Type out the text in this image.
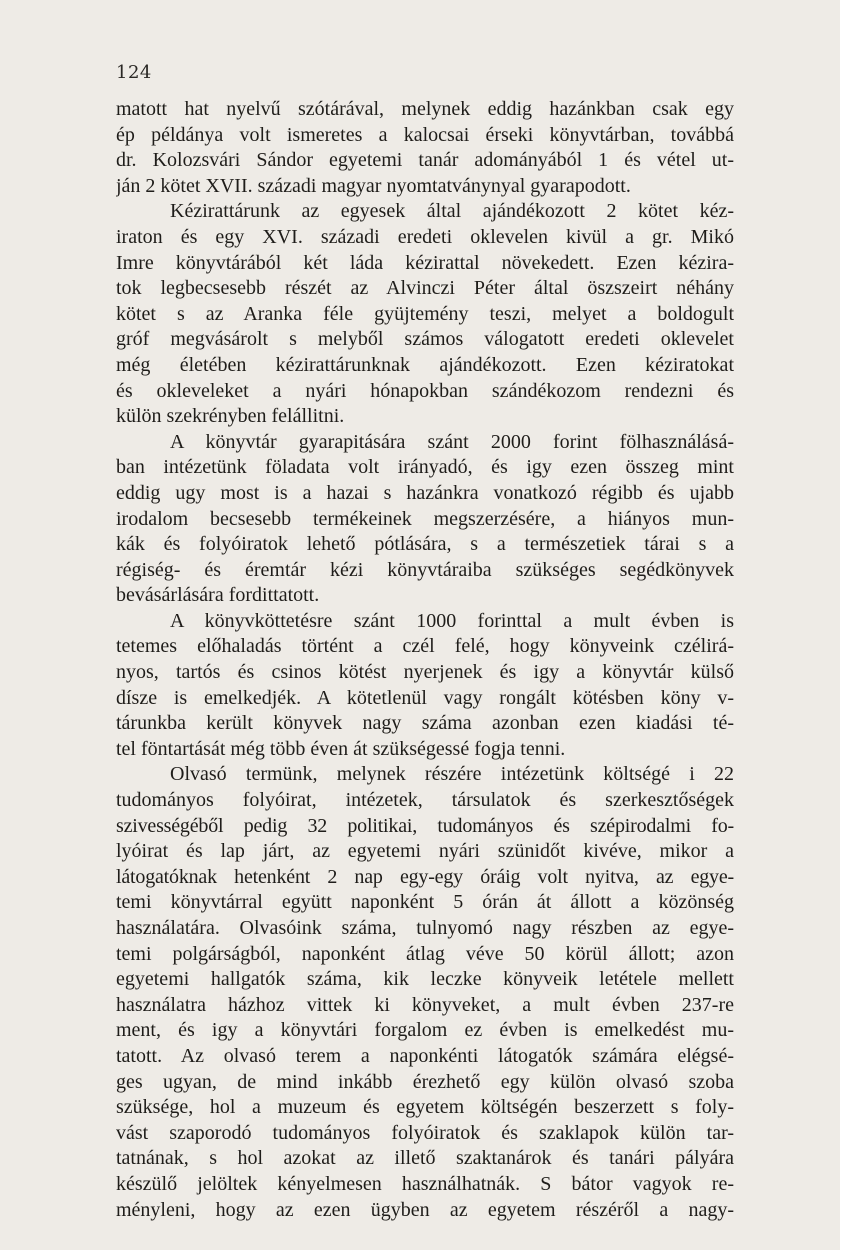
124
matott hat nyelvű szótárával, melynek eddig hazánkban csak egy
ép példánya volt ismeretes a kalocsai érseki könyvtárban, továbbá
dr. Kolozsvári Sándor egyetemi tanár adományából 1 és vétel ut-
ján 2 kötet XVII. századi magyar nyomtatványnyal gyarapodott.
Kézirattárunk az egyesek által ajándékozott 2 kötet kéz-
iraton és egy XVI. századi eredeti oklevelen kivül a gr. Mikó
Imre könyvtárából két láda kézirattal növekedett. Ezen kézira-
tok legbecsesebb részét az Alvinczi Péter által öszszeirt néhány
kötet s az Aranka féle gyüjtemény teszi, melyet a boldogult
gróf megvásárolt s melyből számos válogatott eredeti oklevelet
még életében kézirattárunknak ajándékozott. Ezen kéziratokat
és okleveleket a nyári hónapokban szándékozom rendezni és
külön szekrényben felállitni.
A könyvtár gyarapitására szánt 2000 forint fölhasználásá-
ban intézetünk föladata volt irányadó, és igy ezen összeg mint
eddig ugy most is a hazai s hazánkra vonatkozó régibb és ujabb
irodalom becsesebb termékeinek megszerzésére, a hiányos mun-
kák és folyóiratok lehető pótlására, s a természetiek tárai s a
régiség- és éremtár kézi könyvtáraiba szükséges segédkönyvek
bevásárlására fordittatott.
A könyvköttetésre szánt 1000 forinttal a mult évben is
tetemes előhaladás történt a czél felé, hogy könyveink czélirá-
nyos, tartós és csinos kötést nyerjenek és igy a könyvtár külső
dísze is emelkedjék. A kötetlenül vagy rongált kötésben köny v-
tárunkba került könyvek nagy száma azonban ezen kiadási té-
tel föntartását még több éven át szükségessé fogja tenni.
Olvasó termünk, melynek részére intézetünk költségé i 22
tudományos folyóirat, intézetek, társulatok és szerkesztőségek
szivességéből pedig 32 politikai, tudományos és szépirodalmi fo-
lyóirat és lap járt, az egyetemi nyári szünidőt kivéve, mikor a
látogatóknak hetenként 2 nap egy-egy óráig volt nyitva, az egye-
temi könyvtárral együtt naponként 5 órán át állott a közönség
használatára. Olvasóink száma, tulnyomó nagy részben az egye-
temi polgárságból, naponként átlag véve 50 körül állott; azon
egyetemi hallgatók száma, kik leczke könyveik letétele mellett
használatra házhoz vittek ki könyveket, a mult évben 237-re
ment, és igy a könyvtári forgalom ez évben is emelkedést mu-
tatott. Az olvasó terem a naponkénti látogatók számára elégsé-
ges ugyan, de mind inkább érezhető egy külön olvasó szoba
szüksége, hol a muzeum és egyetem költségén beszerzett s foly-
vást szaporodó tudományos folyóiratok és szaklapok külön tar-
tatnának, s hol azokat az illető szaktanárok és tanári pályára
készülő jelöltek kényelmesen használhatnák. S bátor vagyok re-
ményleni, hogy az ezen ügyben az egyetem részéről a nagy-
